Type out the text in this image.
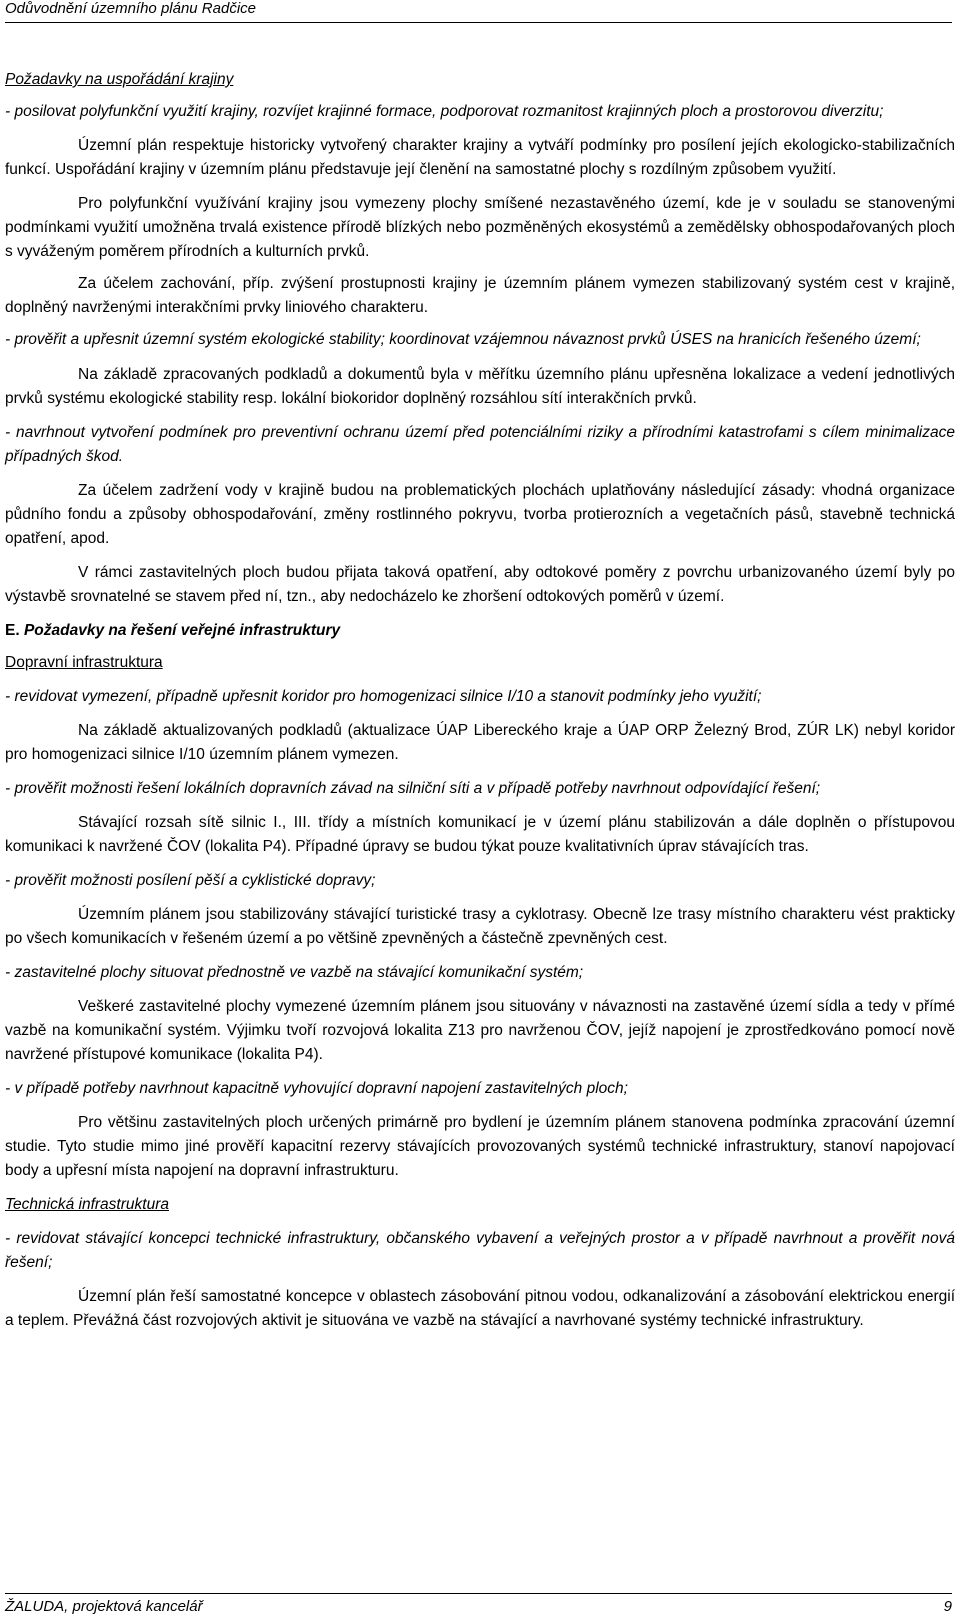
Odůvodnění územního plánu Radčice

Požadavky na uspořádání krajiny

- posilovat polyfunkční využití krajiny, rozvíjet krajinné formace, podporovat rozmanitost krajinných ploch a prostorovou diverzitu;

Územní plán respektuje historicky vytvořený charakter krajiny a vytváří podmínky pro posílení jejích ekologicko-stabilizačních funkcí. Uspořádání krajiny v územním plánu představuje její členění na samostatné plochy s rozdílným způsobem využití.

Pro polyfunkční využívání krajiny jsou vymezeny plochy smíšené nezastavěného území, kde je v souladu se stanovenými podmínkami využití umožněna trvalá existence přírodě blízkých nebo pozměněných ekosystémů a zemědělsky obhospodařovaných ploch s vyváženým poměrem přírodních a kulturních prvků.

Za účelem zachování, příp. zvýšení prostupnosti krajiny je územním plánem vymezen stabilizovaný systém cest v krajině, doplněný navrženými interakčními prvky liniového charakteru.

- prověřit a upřesnit územní systém ekologické stability; koordinovat vzájemnou návaznost prvků ÚSES na hranicích řešeného území;

Na základě zpracovaných podkladů a dokumentů byla v měřítku územního plánu upřesněna lokalizace a vedení jednotlivých prvků systému ekologické stability resp. lokální biokoridor doplněný rozsáhlou sítí interakčních prvků.

- navrhnout vytvoření podmínek pro preventivní ochranu území před potenciálními riziky a přírodními katastrofami s cílem minimalizace případných škod.

Za účelem zadržení vody v krajině budou na problematických plochách uplatňovány následující zásady: vhodná organizace půdního fondu a způsoby obhospodařování, změny rostlinného pokryvu, tvorba protierozních a vegetačních pásů, stavebně technická opatření, apod.

V rámci zastavitelných ploch budou přijata taková opatření, aby odtokové poměry z povrchu urbanizovaného území byly po výstavbě srovnatelné se stavem před ní, tzn., aby nedocházelo ke zhoršení odtokových poměrů v území.

E. Požadavky na řešení veřejné infrastruktury

Dopravní infrastruktura

- revidovat vymezení, případně upřesnit koridor pro homogenizaci silnice I/10 a stanovit podmínky jeho využití;

Na základě aktualizovaných podkladů (aktualizace ÚAP Libereckého kraje a ÚAP ORP Železný Brod, ZÚR LK) nebyl koridor pro homogenizaci silnice I/10 územním plánem vymezen.

- prověřit možnosti řešení lokálních dopravních závad na silniční síti a v případě potřeby navrhnout odpovídající řešení;

Stávající rozsah sítě silnic I., III. třídy a místních komunikací je v území plánu stabilizován a dále doplněn o přístupovou komunikaci k navržené ČOV (lokalita P4). Případné úpravy se budou týkat pouze kvalitativních úprav stávajících tras.

- prověřit možnosti posílení pěší a cyklistické dopravy;

Územním plánem jsou stabilizovány stávající turistické trasy a cyklotrasy. Obecně lze trasy místního charakteru vést prakticky po všech komunikacích v řešeném území a po většině zpevněných a částečně zpevněných cest.

- zastavitelné plochy situovat přednostně ve vazbě na stávající komunikační systém;

Veškeré zastavitelné plochy vymezené územním plánem jsou situovány v návaznosti na zastavěné území sídla a tedy v přímé vazbě na komunikační systém. Výjimku tvoří rozvojová lokalita Z13 pro navrženou ČOV, jejíž napojení je zprostředkováno pomocí nově navržené přístupové komunikace (lokalita P4).

- v případě potřeby navrhnout kapacitně vyhovující dopravní napojení zastavitelných ploch;

Pro většinu zastavitelných ploch určených primárně pro bydlení je územním plánem stanovena podmínka zpracování územní studie. Tyto studie mimo jiné prověří kapacitní rezervy stávajících provozovaných systémů technické infrastruktury, stanoví napojovací body a upřesní místa napojení na dopravní infrastrukturu.

Technická infrastruktura

- revidovat stávající koncepci technické infrastruktury, občanského vybavení a veřejných prostor a v případě navrhnout a prověřit nová řešení;

Územní plán řeší samostatné koncepce v oblastech zásobování pitnou vodou, odkanalizování a zásobování elektrickou energií a teplem. Převážná část rozvojových aktivit je situována ve vazbě na stávající a navrhované systémy technické infrastruktury.

ŽALUDA, projektová kancelář	9
